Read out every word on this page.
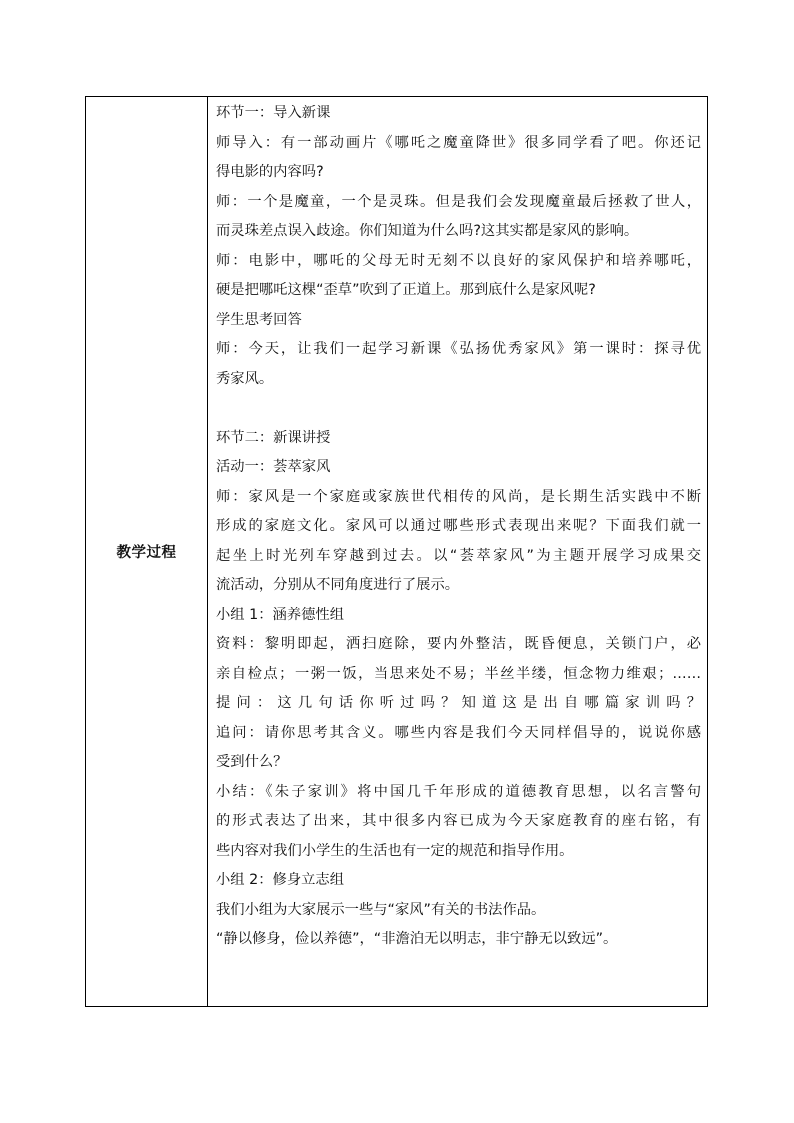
教学过程
环节一：导入新课
师导入：有一部动画片《哪吒之魔童降世》很多同学看了吧。你还记
得电影的内容吗?
师：一个是魔童，一个是灵珠。但是我们会发现魔童最后拯救了世人，
而灵珠差点误入歧途。你们知道为什么吗?这其实都是家风的影响。
师：电影中，哪吒的父母无时无刻不以良好的家风保护和培养哪吒，
硬是把哪吒这棵“歪草”吹到了正道上。那到底什么是家风呢?
学生思考回答
师：今天，让我们一起学习新课《弘扬优秀家风》第一课时：探寻优
秀家风。
环节二：新课讲授
活动一：荟萃家风
师：家风是一个家庭或家族世代相传的风尚，是长期生活实践中不断
形成的家庭文化。家风可以通过哪些形式表现出来呢？下面我们就一
起坐上时光列车穿越到过去。以“荟萃家风”为主题开展学习成果交
流活动，分别从不同角度进行了展示。
小组 1：涵养德性组
资料：黎明即起，洒扫庭除，要内外整洁，既昏便息，关锁门户，必
亲自检点；一粥一饭，当思来处不易；半丝半缕，恒念物力维艰；……
提问：这几句话你听过吗？知道这是出自哪篇家训吗？
追问：请你思考其含义。哪些内容是我们今天同样倡导的，说说你感
受到什么？
小结：《朱子家训》将中国几千年形成的道德教育思想，以名言警句
的形式表达了出来，其中很多内容已成为今天家庭教育的座右铭，有
些内容对我们小学生的生活也有一定的规范和指导作用。
小组 2：修身立志组
我们小组为大家展示一些与“家风”有关的书法作品。
“静以修身，俭以养德”，“非澹泊无以明志，非宁静无以致远”。
